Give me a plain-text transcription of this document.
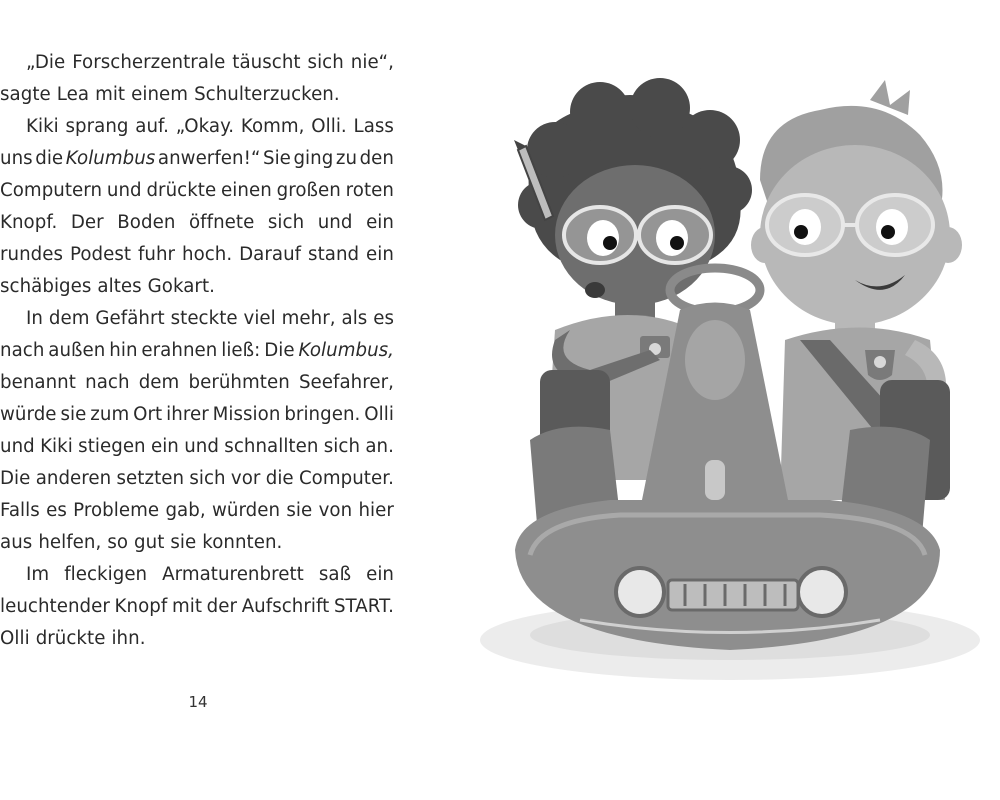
„Die Forscherzentrale täuscht sich nie“,
sagte Lea mit einem Schulterzucken.
Kiki sprang auf. „Okay. Komm, Olli. Lass
uns die Kolumbus anwerfen!“ Sie ging zu den
Computern und drückte einen großen roten
Knopf. Der Boden öffnete sich und ein
rundes Podest fuhr hoch. Darauf stand ein
schäbiges altes Gokart.
In dem Gefährt steckte viel mehr, als es
nach außen hin erahnen ließ: Die Kolumbus,
benannt nach dem berühmten Seefahrer,
würde sie zum Ort ihrer Mission bringen. Olli
und Kiki stiegen ein und schnallten sich an.
Die anderen setzten sich vor die Computer.
Falls es Probleme gab, würden sie von hier
aus helfen, so gut sie konnten.
Im fleckigen Armaturenbrett saß ein
leuchtender Knopf mit der Aufschrift START.
Olli drückte ihn.
14
